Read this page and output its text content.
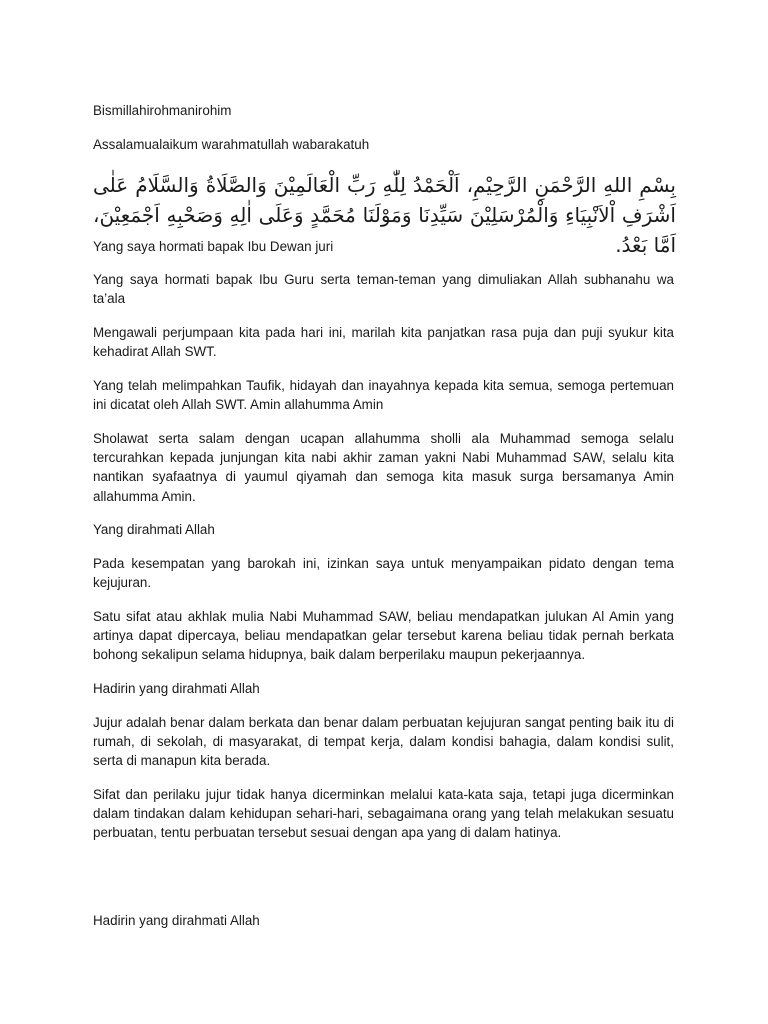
Bismillahirohmanirohim

Assalamualaikum warahmatullah wabarakatuh

بِسْمِ اللهِ الرَّحْمَنِ الرَّحِيْمِ، اَلْحَمْدُ لِلّٰهِ رَبِّ الْعَالَمِيْنَ وَالصَّلَاةُ وَالسَّلَامُ عَلٰى اَشْرَفِ اْلاَنْبِيَاءِ وَالْمُرْسَلِيْنَ سَيِّدِنَا وَمَوْلَنَا مُحَمَّدٍ وَعَلَى اٰلِهِ وَصَحْبِهِ اَجْمَعِيْنَ، اَمَّا بَعْدُ.

Yang saya hormati bapak Ibu Dewan juri

Yang saya hormati bapak Ibu Guru serta teman-teman yang dimuliakan Allah subhanahu wa ta’ala

Mengawali perjumpaan kita pada hari ini, marilah kita panjatkan rasa puja dan puji syukur kita kehadirat Allah SWT.

Yang telah melimpahkan Taufik, hidayah dan inayahnya kepada kita semua, semoga pertemuan ini dicatat oleh Allah SWT. Amin allahumma Amin

Sholawat serta salam dengan ucapan allahumma sholli ala Muhammad semoga selalu tercurahkan kepada junjungan kita nabi akhir zaman yakni Nabi Muhammad SAW, selalu kita nantikan syafaatnya di yaumul qiyamah dan semoga kita masuk surga bersamanya Amin allahumma Amin.

Yang dirahmati Allah

Pada kesempatan yang barokah ini, izinkan saya untuk menyampaikan pidato dengan tema kejujuran.

Satu sifat atau akhlak mulia Nabi Muhammad SAW, beliau mendapatkan julukan Al Amin yang artinya dapat dipercaya, beliau mendapatkan gelar tersebut karena beliau tidak pernah berkata bohong sekalipun selama hidupnya, baik dalam berperilaku maupun pekerjaannya.

Hadirin yang dirahmati Allah

Jujur adalah benar dalam berkata dan benar dalam perbuatan kejujuran sangat penting baik itu di rumah, di sekolah, di masyarakat, di tempat kerja, dalam kondisi bahagia, dalam kondisi sulit, serta di manapun kita berada.

Sifat dan perilaku jujur tidak hanya dicerminkan melalui kata-kata saja, tetapi juga dicerminkan dalam tindakan dalam kehidupan sehari-hari, sebagaimana orang yang telah melakukan sesuatu perbuatan, tentu perbuatan tersebut sesuai dengan apa yang di dalam hatinya.

Hadirin yang dirahmati Allah
